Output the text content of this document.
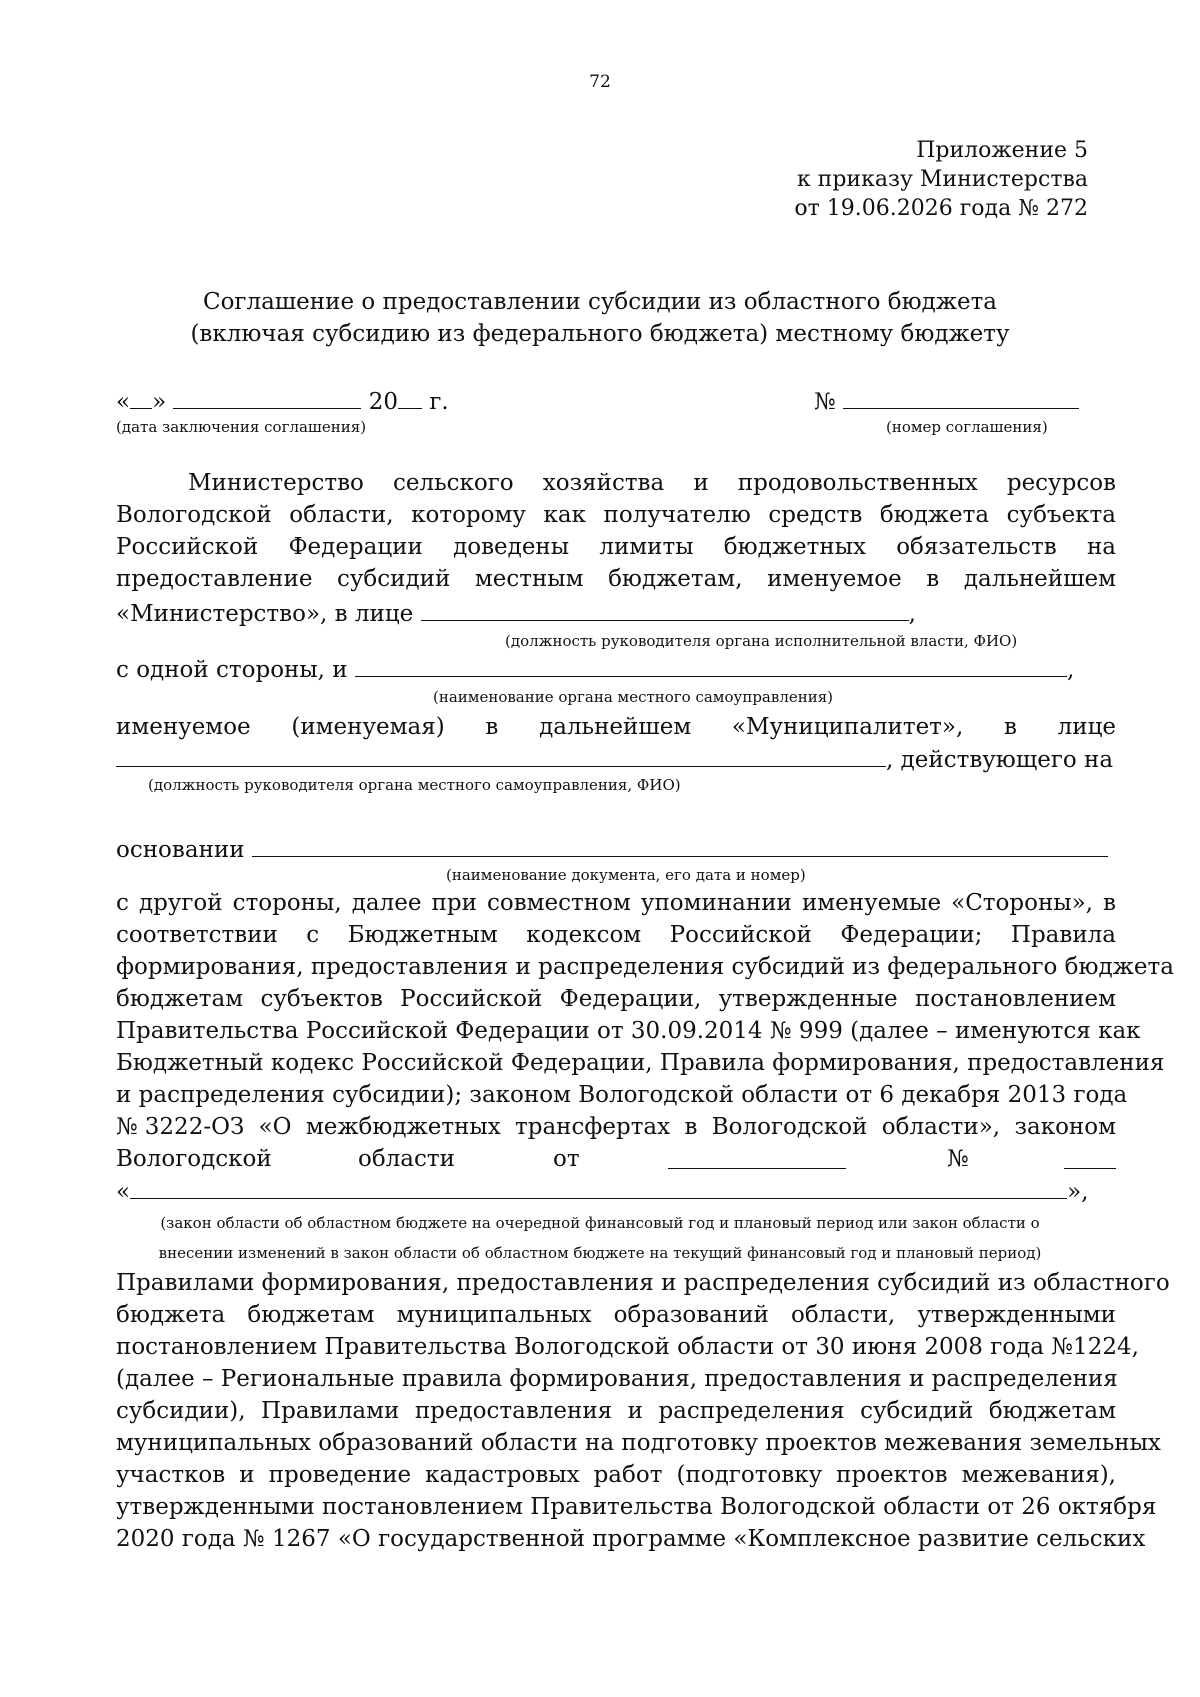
72
Приложение 5
к приказу Министерства
от 19.06.2026 года № 272
Соглашение о предоставлении субсидии из областного бюджета
(включая субсидию из федерального бюджета) местному бюджету
« »	20 г.	№
(дата заключения соглашения)	(номер соглашения)
Министерство сельского хозяйства и продовольственных ресурсов
Вологодской области, которому как получателю средств бюджета субъекта
Российской Федерации доведены лимиты бюджетных обязательств на
предоставление субсидий местным бюджетам, именуемое в дальнейшем
«Министерство», в лице	,
(должность руководителя органа исполнительной власти, ФИО)
с одной стороны, и	,
(наименование органа местного самоуправления)
именуемое (именуемая) в дальнейшем «Муниципалитет», в лице
, действующего на
(должность руководителя органа местного самоуправления, ФИО)
основании
(наименование документа, его дата и номер)
с другой стороны, далее при совместном упоминании именуемые «Стороны», в
соответствии с Бюджетным кодексом Российской Федерации; Правила
формирования, предоставления и распределения субсидий из федерального бюджета
бюджетам субъектов Российской Федерации, утвержденные постановлением
Правительства Российской Федерации от 30.09.2014 № 999 (далее – именуются как
Бюджетный кодекс Российской Федерации, Правила формирования, предоставления
и распределения субсидии); законом Вологодской области от 6 декабря 2013 года
№3222-ОЗ «О межбюджетных трансфертах в Вологодской области», законом
Вологодской	области	от	№
«	»,
(закон области об областном бюджете на очередной финансовый год и плановый период или закон области о
внесении изменений в закон области об областном бюджете на текущий финансовый год и плановый период)
Правилами формирования, предоставления и распределения субсидий из областного
бюджета бюджетам муниципальных образований области, утвержденными
постановлением Правительства Вологодской области от 30 июня 2008 года №1224,
(далее – Региональные правила формирования, предоставления и распределения
субсидии), Правилами предоставления и распределения субсидий бюджетам
муниципальных образований области на подготовку проектов межевания земельных
участков и проведение кадастровых работ (подготовку проектов межевания),
утвержденными постановлением Правительства Вологодской области от 26 октября
2020 года № 1267 «О государственной программе «Комплексное развитие сельских
